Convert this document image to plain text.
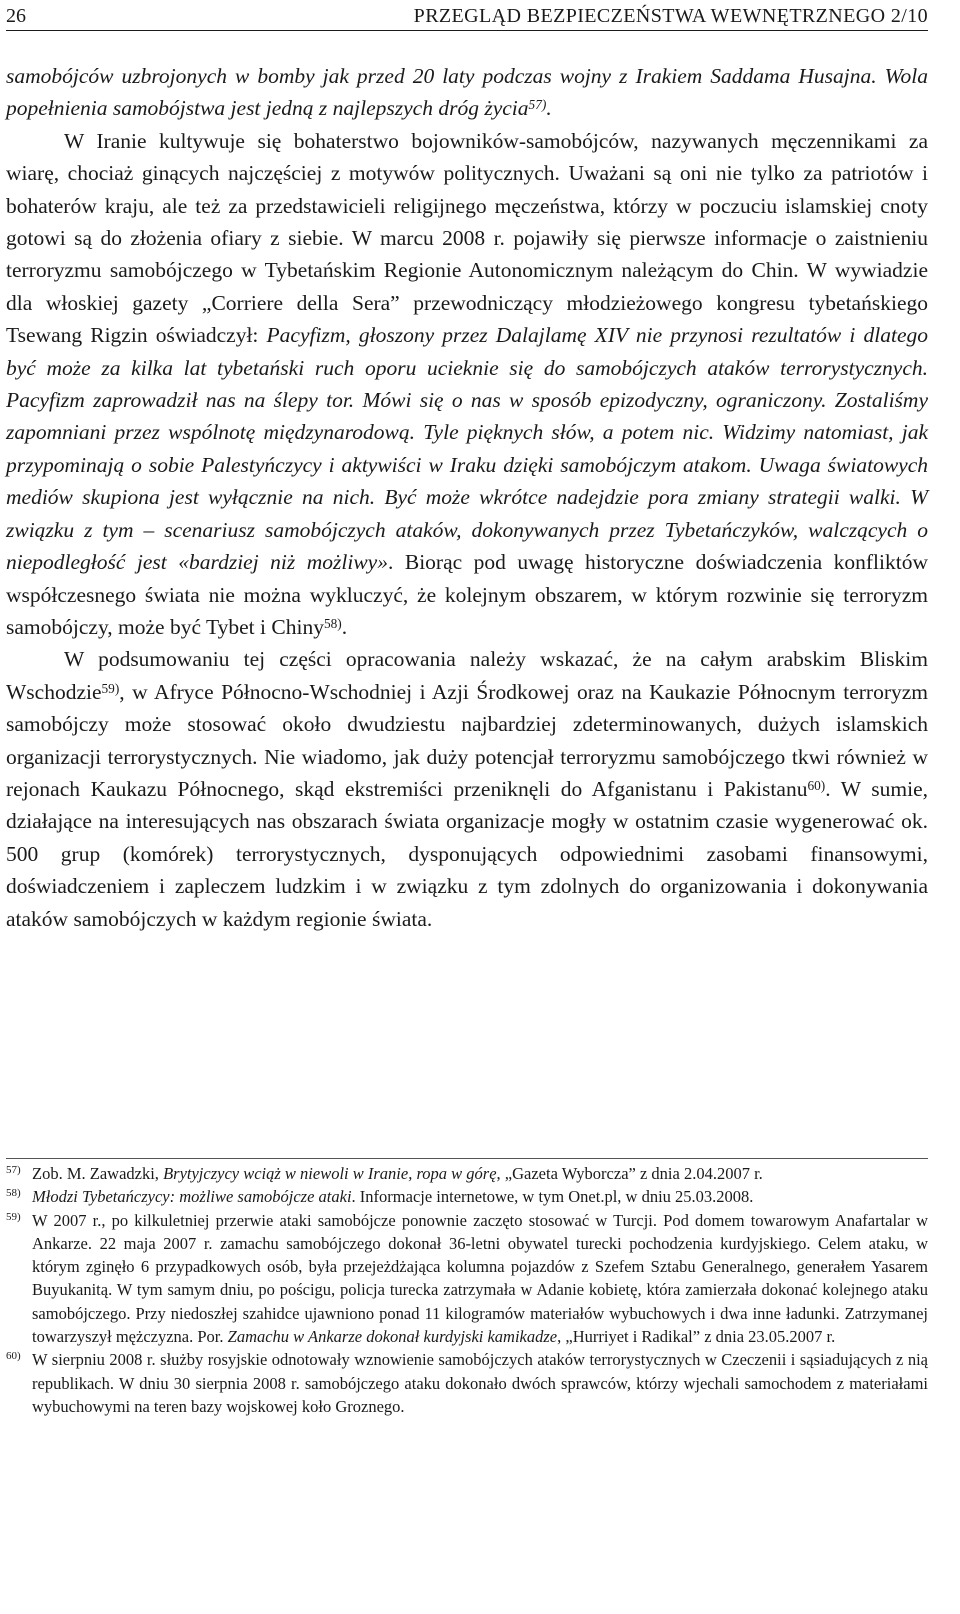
26	PRZEGLĄD BEZPIECZEŃSTWA WEWNĘTRZNEGO 2/10

samobójców uzbrojonych w bomby jak przed 20 laty podczas wojny z Irakiem Saddama Husajna. Wola popełnienia samobójstwa jest jedną z najlepszych dróg życia$^{57)}$.

W Iranie kultywuje się bohaterstwo bojowników-samobójców, nazywanych męczennikami za wiarę, chociaż ginących najczęściej z motywów politycznych. Uważani są oni nie tylko za patriotów i bohaterów kraju, ale też za przedstawicieli religijnego męczeństwa, którzy w poczuciu islamskiej cnoty gotowi są do złożenia ofiary z siebie. W marcu 2008 r. pojawiły się pierwsze informacje o zaistnieniu terroryzmu samobójczego w Tybetańskim Regionie Autonomicznym należącym do Chin. W wywiadzie dla włoskiej gazety „Corriere della Sera” przewodniczący młodzieżowego kongresu tybetańskiego Tsewang Rigzin oświadczył: Pacyfizm, głoszony przez Dalajlamę XIV nie przynosi rezultatów i dlatego być może za kilka lat tybetański ruch oporu ucieknie się do samobójczych ataków terrorystycznych. Pacyfizm zaprowadził nas na ślepy tor. Mówi się o nas w sposób epizodyczny, ograniczony. Zostaliśmy zapomniani przez wspólnotę międzynarodową. Tyle pięknych słów, a potem nic. Widzimy natomiast, jak przypominają o sobie Palestyńczycy i aktywiści w Iraku dzięki samobójczym atakom. Uwaga światowych mediów skupiona jest wyłącznie na nich. Być może wkrótce nadejdzie pora zmiany strategii walki. W związku z tym – scenariusz samobójczych ataków, dokonywanych przez Tybetańczyków, walczących o niepodległość jest «bardziej niż możliwy». Biorąc pod uwagę historyczne doświadczenia konfliktów współczesnego świata nie można wykluczyć, że kolejnym obszarem, w którym rozwinie się terroryzm samobójczy, może być Tybet i Chiny$^{58)}$.

W podsumowaniu tej części opracowania należy wskazać, że na całym arabskim Bliskim Wschodzie$^{59)}$, w Afryce Północno-Wschodniej i Azji Środkowej oraz na Kaukazie Północnym terroryzm samobójczy może stosować około dwudziestu najbardziej zdeterminowanych, dużych islamskich organizacji terrorystycznych. Nie wiadomo, jak duży potencjał terroryzmu samobójczego tkwi również w rejonach Kaukazu Północnego, skąd ekstremiści przeniknęli do Afganistanu i Pakistanu$^{60)}$. W sumie, działające na interesujących nas obszarach świata organizacje mogły w ostatnim czasie wygenerować ok. 500 grup (komórek) terrorystycznych, dysponujących odpowiednimi zasobami finansowymi, doświadczeniem i zapleczem ludzkim i w związku z tym zdolnych do organizowania i dokonywania ataków samobójczych w każdym regionie świata.

57) Zob. M. Zawadzki, Brytyjczycy wciąż w niewoli w Iranie, ropa w górę, „Gazeta Wyborcza” z dnia 2.04.2007 r.

58) Młodzi Tybetańczycy: możliwe samobójcze ataki. Informacje internetowe, w tym Onet.pl, w dniu 25.03.2008.

59) W 2007 r., po kilkuletniej przerwie ataki samobójcze ponownie zaczęto stosować w Turcji. Pod domem towarowym Anafartalar w Ankarze. 22 maja 2007 r. zamachu samobójczego dokonał 36-letni obywatel turecki pochodzenia kurdyjskiego. Celem ataku, w którym zginęło 6 przypadkowych osób, była przejeżdżająca kolumna pojazdów z Szefem Sztabu Generalnego, generałem Yasarem Buyukanitą. W tym samym dniu, po pościgu, policja turecka zatrzymała w Adanie kobietę, która zamierzała dokonać kolejnego ataku samobójczego. Przy niedoszłej szahidce ujawniono ponad 11 kilogramów materiałów wybuchowych i dwa inne ładunki. Zatrzymanej towarzyszył mężczyzna. Por. Zamachu w Ankarze dokonał kurdyjski kamikadze, „Hurriyet i Radikal” z dnia 23.05.2007 r.

60) W sierpniu 2008 r. służby rosyjskie odnotowały wznowienie samobójczych ataków terrorystycznych w Czeczenii i sąsiadujących z nią republikach. W dniu 30 sierpnia 2008 r. samobójczego ataku dokonało dwóch sprawców, którzy wjechali samochodem z materiałami wybuchowymi na teren bazy wojskowej koło Groznego.
